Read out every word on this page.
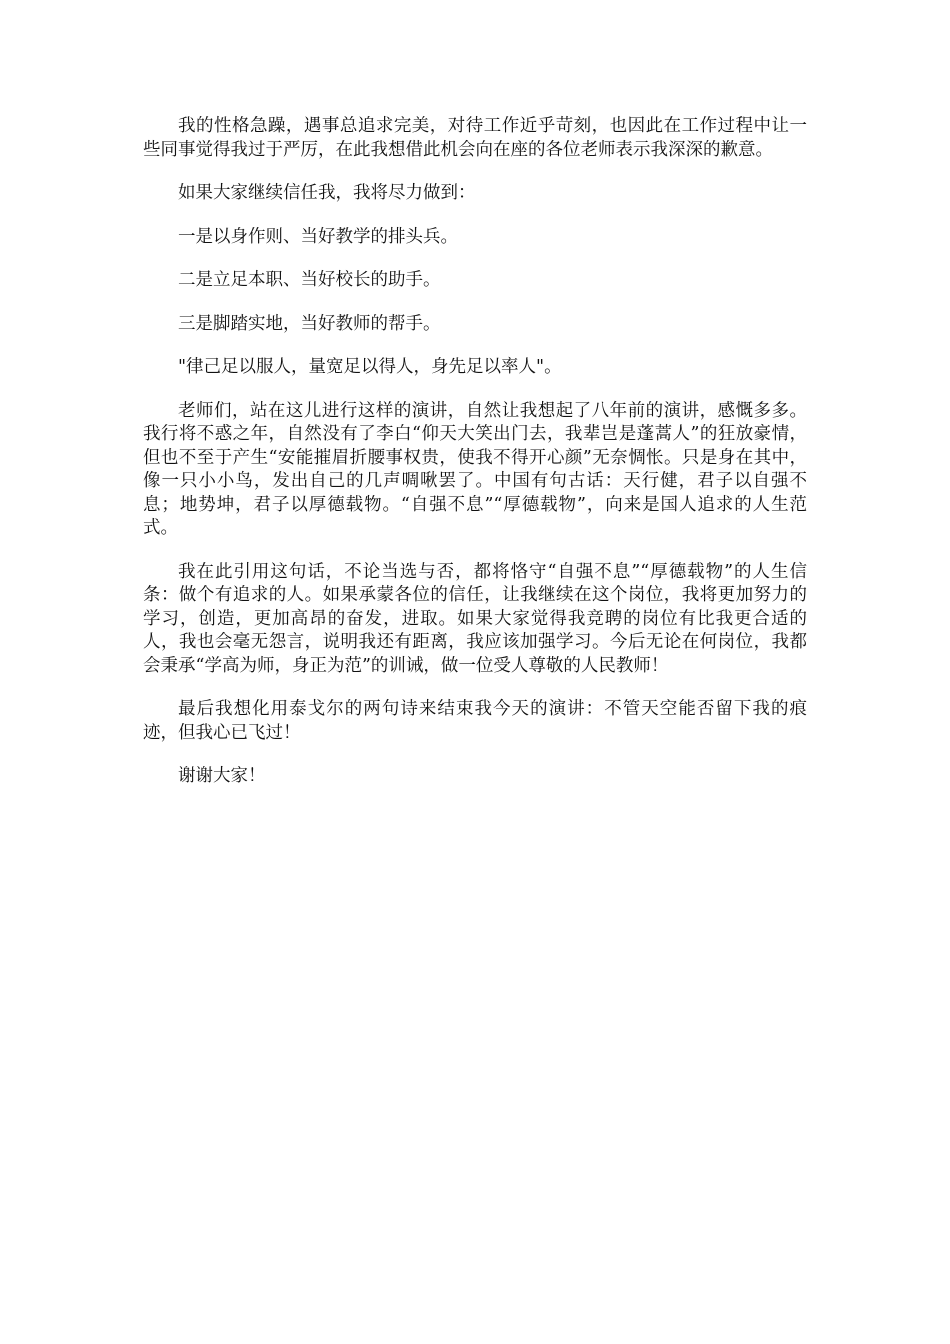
我的性格急躁，遇事总追求完美，对待工作近乎苛刻，也因此在工作过程中让一些同事觉得我过于严厉，在此我想借此机会向在座的各位老师表示我深深的歉意。

如果大家继续信任我，我将尽力做到：

一是以身作则、当好教学的排头兵。

二是立足本职、当好校长的助手。

三是脚踏实地，当好教师的帮手。

"律己足以服人，量宽足以得人，身先足以率人"。

老师们，站在这儿进行这样的演讲，自然让我想起了八年前的演讲，感慨多多。我行将不惑之年，自然没有了李白“仰天大笑出门去，我辈岂是蓬蒿人”的狂放豪情，但也不至于产生“安能摧眉折腰事权贵，使我不得开心颜”无奈惆怅。只是身在其中，像一只小小鸟，发出自己的几声啁啾罢了。中国有句古话：天行健，君子以自强不息；地势坤，君子以厚德载物。“自强不息”“厚德载物”，向来是国人追求的人生范式。

我在此引用这句话，不论当选与否，都将恪守“自强不息”“厚德载物”的人生信条：做个有追求的人。如果承蒙各位的信任，让我继续在这个岗位，我将更加努力的学习，创造，更加高昂的奋发，进取。如果大家觉得我竞聘的岗位有比我更合适的人，我也会毫无怨言，说明我还有距离，我应该加强学习。今后无论在何岗位，我都会秉承“学高为师，身正为范”的训诫，做一位受人尊敬的人民教师！

最后我想化用泰戈尔的两句诗来结束我今天的演讲：不管天空能否留下我的痕迹，但我心已飞过！

谢谢大家！
